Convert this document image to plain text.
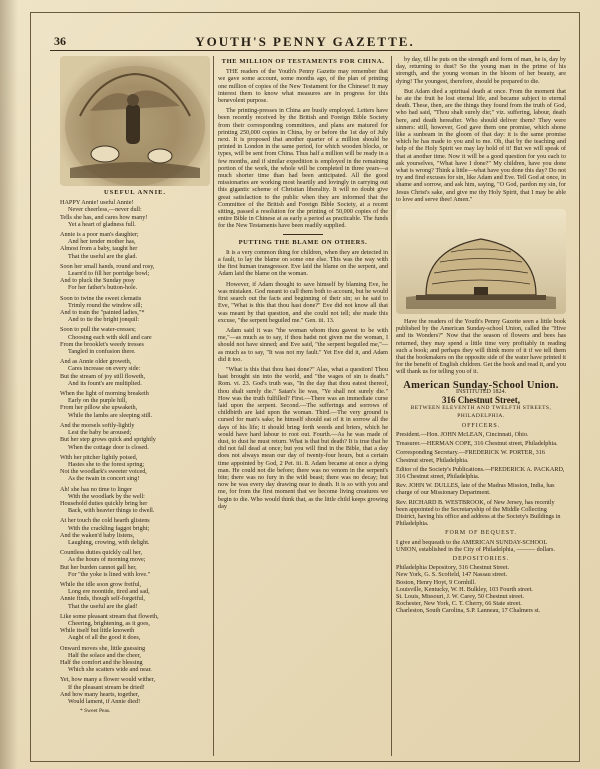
36	YOUTH'S PENNY GAZETTE.
USEFUL ANNIE.

HAPPY Annie! useful Annie!
Never cheerless,—never dull:
Tells she has, and cares how many!
Yet a heart of gladness full.

Annie is a poor man's daughter;
And her tender mother has,
Almost from a baby, taught her
That the useful are the glad.

Soon her small hands, round and rosy,
Learn'd to fill her porridge bowl;
And to pluck the Sunday posy
For her father's button-hole.

Soon to twine the sweet clematis
Trimly round the window sill;
And to train the "painted ladies,"*
And to tie the bright jonquil:

Soon to pull the water-cresses;
Choosing each with skill and care
From the brooklet's weedy tresses
Tangled in confusion there.

And as Annie older groweth,
Cares increase on every side:
But the stream of joy still floweth,
And its fount's are multiplied.

When the light of morning breaketh
Early on the purple hill,
From her pillow she upwaketh,
While the lambs are sleeping still.

And the morsels softly-lightly
Lest the baby be aroused;
But her step grows quick and sprightly
When the cottage door is closed.

With her pitcher lightly poised,
Hastes she to the forest spring;
Not the woodlark's sweeter voiced,
As the twain in concert sing!

Ah! she has no time to linger
With the woodlark by the well:
Household duties quickly bring her
Back, with heavier things to dwell.

At her touch the cold hearth glistens
With the crackling faggot bright;
And the waken'd baby listens,
Laughing, crowing, with delight.

Countless duties quickly call her,
As the hours of morning move;
But her burden cannot gall her,
For "the yoke is lined with love."

While the idle soon grow fretful,
Long ere noontide, tired and sad,
Annie finds, though self-forgetful,
That the useful are the glad!

Like some pleasant stream that floweth,
Cheering, brightening, as it goes,
While itself but little knoweth
Aught of all the good it does,

Onward moves she, little guessing
Half the solace and the cheer,
Half the comfort and the blessing
Which she scatters wide and near.

Yet, how many a flower would wither,
If the pleasant stream be dried!
And how many hearts, together,
Would lament, if Annie died!

* Sweet Peas.
THE MILLION OF TESTAMENTS FOR CHINA.

THE readers of the Youth's Penny Gazette may remember that we gave some account, some months ago, of the plan of printing one million of copies of the New Testament for the Chinese! It may interest them to know what measures are in progress for this benevolent purpose.

The printing-presses in China are busily employed. Letters have been recently received by the British and Foreign Bible Society from their corresponding committees, and plans are matured for printing 250,000 copies in China, by or before the 1st day of July next. It is proposed that another quarter of a million should be printed in London in the same period, for which wooden blocks, or types, will be sent from China. Thus half a million will be ready in a few months, and if similar expedition is employed in the remaining portion of the work, the whole will be completed in three years—a much shorter time than had been anticipated. All the good missionaries are working most heartily and lovingly in carrying out this gigantic scheme of Christian liberality. It will no doubt give great satisfaction to the public when they are informed that the Committee of the British and Foreign Bible Society, at a recent sitting, passed a resolution for the printing of 50,000 copies of the entire Bible in Chinese at as early a period as practicable. The funds for the New Testaments have been readily supplied.

PUTTING THE BLAME ON OTHERS.

It is a very common thing for children, when they are detected in a fault, to lay the blame on some one else. This was the way with the first human transgressor. Eve laid the blame on the serpent, and Adam laid the blame on the woman.

However, if Adam thought to save himself by blaming Eve, he was mistaken. God meant to call them both to account, but he would first search out the facts and beginning of their sin; so he said to Eve, "What is this that thou hast done?" Eve did not know all that was meant by that question, and she could not tell; she made this excuse, "the serpent beguiled me." Gen. iii. 13.

Adam said it was "the woman whom thou gavest to be with me,"—as much as to say, if thou hadst not given me the woman, I should not have sinned; and Eve said, "the serpent beguiled me,"—as much as to say, "It was not my fault." Yet Eve did it, and Adam did it too.

"What is this that thou hast done?" Alas, what a question! Thou hast brought sin into the world, and "the wages of sin is death." Rom. vi. 23. God's truth was, "In the day that thou eatest thereof, thou shalt surely die." Satan's lie was, "Ye shall not surely die." How was the truth fulfilled? First.—There was an immediate curse laid upon the serpent. Second.—The sufferings and sorrows of childbirth are laid upon the woman. Third.—The very ground is cursed for man's sake; he himself should eat of it in sorrow all the days of his life; it should bring forth weeds and briers, which he would have hard labour to root out. Fourth.—As he was made of dust, to dust he must return. What is that but death? It is true that he did not fall dead at once; but you will find in the Bible, that a day does not always mean our day of twenty-four hours, but a certain time appointed by God, 2 Pet. iii. 8. Adam became at once a dying man. He could not die before; there was no venom in the serpent's bite; there was no fury in the wild beast; there was no decay; but now he was every day drawing near to death. It is so with you and me, for from the first moment that we become living creatures we begin to die. Who would think that, as the little child keeps growing day

by day, till he puts on the strength and form of man, he is, day by day, returning to dust? So the young man in the prime of his strength, and the young woman in the bloom of her beauty, are dying! The youngest, therefore, should be prepared to die.

But Adam died a spiritual death at once. From the moment that he ate the fruit he lost eternal life, and became subject to eternal death. These, then, are the things they found from the truth of God, who had said, "Thou shalt surely die;" viz. suffering, labour, death here, and death hereafter. Who should deliver them? They were sinners: still, however, God gave them one promise, which shone like a sunbeam in the gloom of that day: it is the same promise which he has made to you and to me. Oh, that by the teaching and help of the Holy Spirit we may lay hold of it! But we will speak of that at another time. Now it will be a good question for you each to ask yourselves, "What have I done?" My children, have you done what is wrong? Think a little—what have you done this day? Do not try and find excuses for sin, like Adam and Eve. Tell God at once, in shame and sorrow, and ask him, saying, "O God, pardon my sin, for Jesus Christ's sake, and give me thy Holy Spirit, that I may be able to love and serve thee! Amen."

Have the readers of the Youth's Penny Gazette seen a little book published by the American Sunday-school Union, called the "Hive and its Wonders?" Now that the season of flowers and bees has returned, they may spend a little time very profitably in reading such a book; and perhaps they will think more of it if we tell them that the bookmakers on the opposite side of the water have printed it for the benefit of English children. Get the book and read it, and you will thank us for telling you of it.

American Sunday-School Union.
INSTITUTED 1824.
316 Chestnut Street,
BETWEEN ELEVENTH AND TWELFTH STREETS,
PHILADELPHIA.
OFFICERS.

President.—Hon. JOHN McLEAN, Cincinnati, Ohio.

Treasurer.—HERMAN COPE, 316 Chestnut street, Philadelphia.

Corresponding Secretary.—FREDERICK W. PORTER, 316 Chestnut street, Philadelphia.

Editor of the Society's Publications.—FREDERICK A. PACKARD, 316 Chestnut street, Philadelphia.

Rev. JOHN W. DULLES, late of the Madras Mission, India, has charge of our Missionary Department.

Rev. RICHARD B. WESTBROOK, of New Jersey, has recently been appointed to the Secretaryship of the Middle Collecting District, having his office and address at the Society's Buildings in Philadelphia.

FORM OF BEQUEST.

I give and bequeath to the AMERICAN SUNDAY-SCHOOL UNION, established in the City of Philadelphia, ——— dollars.

DEPOSITORIES.

Philadelphia Depository, 316 Chestnut Street.

New York, G. S. Scofield, 147 Nassau street.

Boston, Henry Hoyt, 9 Cornhill.

Louisville, Kentucky, W. H. Bulkley, 103 Fourth street.

St. Louis, Missouri, J. W. Carey, 50 Chestnut street.

Rochester, New York, C. T. Cherry, 66 State street.

Charleston, South Carolina, S.P. Lanneau, 17 Chalmers st.
